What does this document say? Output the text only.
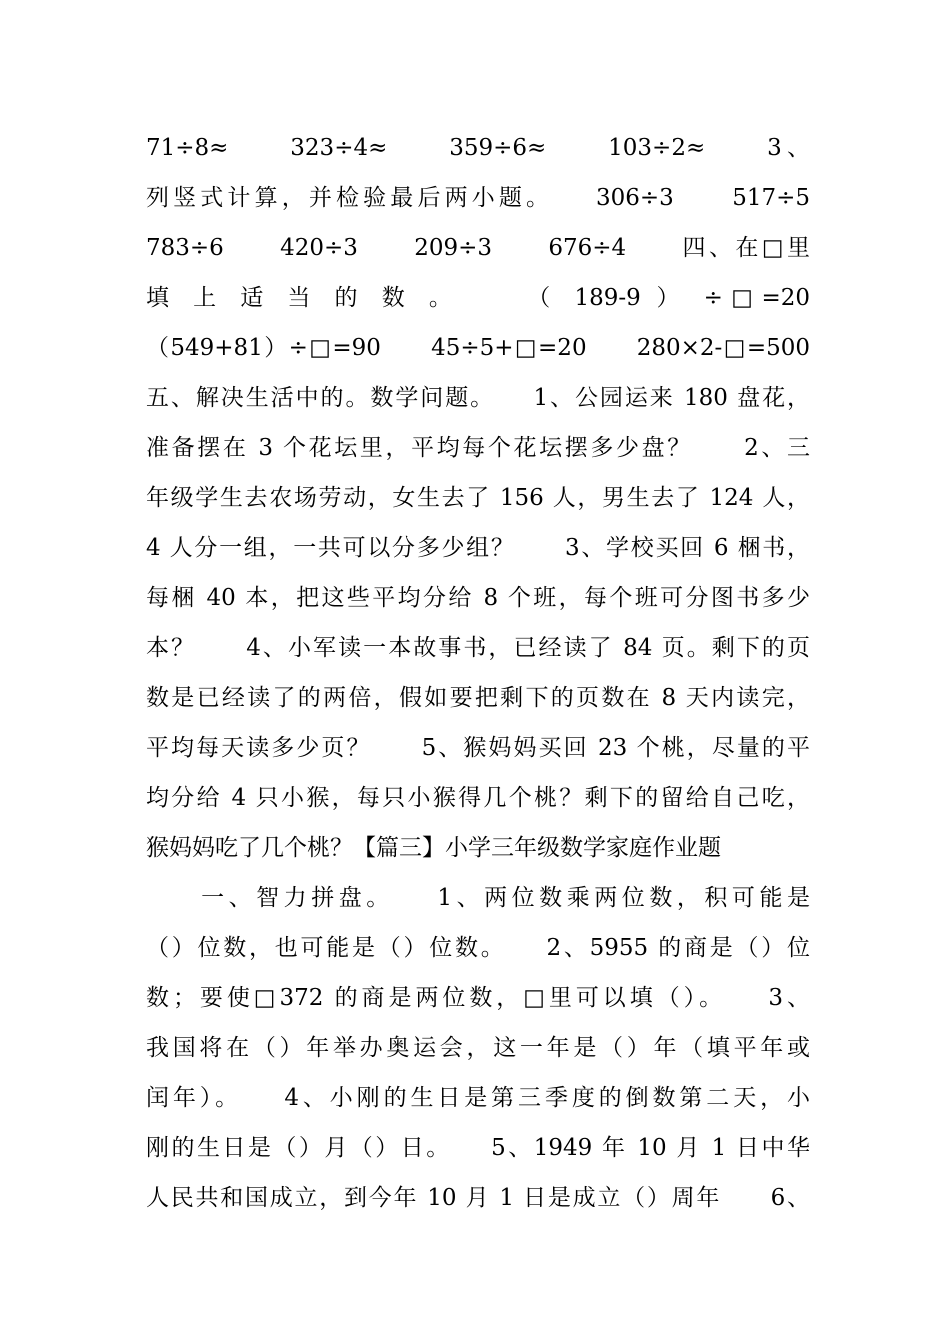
71÷8≈　　323÷4≈　　359÷6≈　　103÷2≈　　3、
列竖式计算，并检验最后两小题。　　306÷3　　517÷5
783÷6　　420÷3　　209÷3　　676÷4　　四、在□里
填 上 适 当 的 数 。　　 （ 189-9 ） ÷□=20
（549+81）÷□=90　　45÷5+□=20　　280×2-□=500
五、解决生活中的。数学问题。　　1、公园运来 180 盘花，
准备摆在 3 个花坛里，平均每个花坛摆多少盘？　　2、三
年级学生去农场劳动，女生去了 156 人，男生去了 124 人，
4 人分一组，一共可以分多少组？　　3、学校买回 6 梱书，
每梱 40 本，把这些平均分给 8 个班，每个班可分图书多少
本？　　4、小军读一本故事书，已经读了 84 页。剩下的页
数是已经读了的两倍，假如要把剩下的页数在 8 天内读完，
平均每天读多少页？　　5、猴妈妈买回 23 个桃，尽量的平
均分给 4 只小猴，每只小猴得几个桃？剩下的留给自己吃，
猴妈妈吃了几个桃？【篇三】小学三年级数学家庭作业题
　　一、智力拼盘。　　1、两位数乘两位数，积可能是
（）位数，也可能是（）位数。　　2、5955 的商是（）位
数；要使□372 的商是两位数，□里可以填（）。　　3、
我国将在（）年举办奥运会，这一年是（）年（填平年或
闰年）。　　4、小刚的生日是第三季度的倒数第二天，小
刚的生日是（）月（）日。　　5、1949 年 10 月 1 日中华
人民共和国成立，到今年 10 月 1 日是成立（）周年　　6、
